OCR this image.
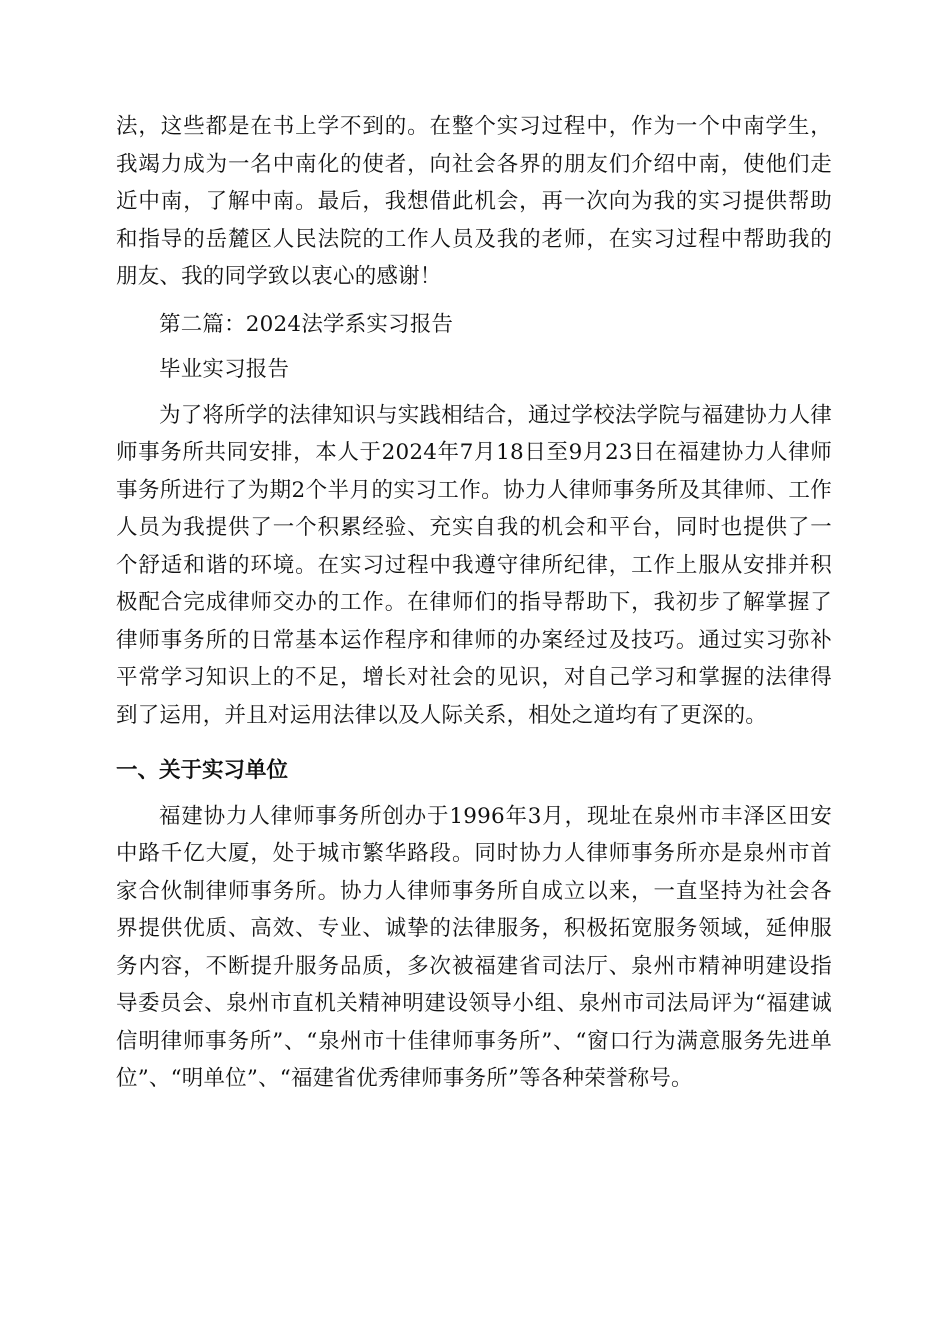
法，这些都是在书上学不到的。在整个实习过程中，作为一个中南学生，我竭力成为一名中南化的使者，向社会各界的朋友们介绍中南，使他们走近中南，了解中南。最后，我想借此机会，再一次向为我的实习提供帮助和指导的岳麓区人民法院的工作人员及我的老师，在实习过程中帮助我的朋友、我的同学致以衷心的感谢！

第二篇：2024法学系实习报告

毕业实习报告

为了将所学的法律知识与实践相结合，通过学校法学院与福建协力人律师事务所共同安排，本人于2024年7月18日至9月23日在福建协力人律师事务所进行了为期2个半月的实习工作。协力人律师事务所及其律师、工作人员为我提供了一个积累经验、充实自我的机会和平台，同时也提供了一个舒适和谐的环境。在实习过程中我遵守律所纪律，工作上服从安排并积极配合完成律师交办的工作。在律师们的指导帮助下，我初步了解掌握了律师事务所的日常基本运作程序和律师的办案经过及技巧。通过实习弥补平常学习知识上的不足，增长对社会的见识，对自己学习和掌握的法律得到了运用，并且对运用法律以及人际关系，相处之道均有了更深的。

一、关于实习单位

福建协力人律师事务所创办于1996年3月，现址在泉州市丰泽区田安中路千亿大厦，处于城市繁华路段。同时协力人律师事务所亦是泉州市首家合伙制律师事务所。协力人律师事务所自成立以来，一直坚持为社会各界提供优质、高效、专业、诚挚的法律服务，积极拓宽服务领域，延伸服务内容，不断提升服务品质，多次被福建省司法厅、泉州市精神明建设指导委员会、泉州市直机关精神明建设领导小组、泉州市司法局评为“福建诚信明律师事务所”、“泉州市十佳律师事务所”、“窗口行为满意服务先进单位”、“明单位”、“福建省优秀律师事务所”等各种荣誉称号。
